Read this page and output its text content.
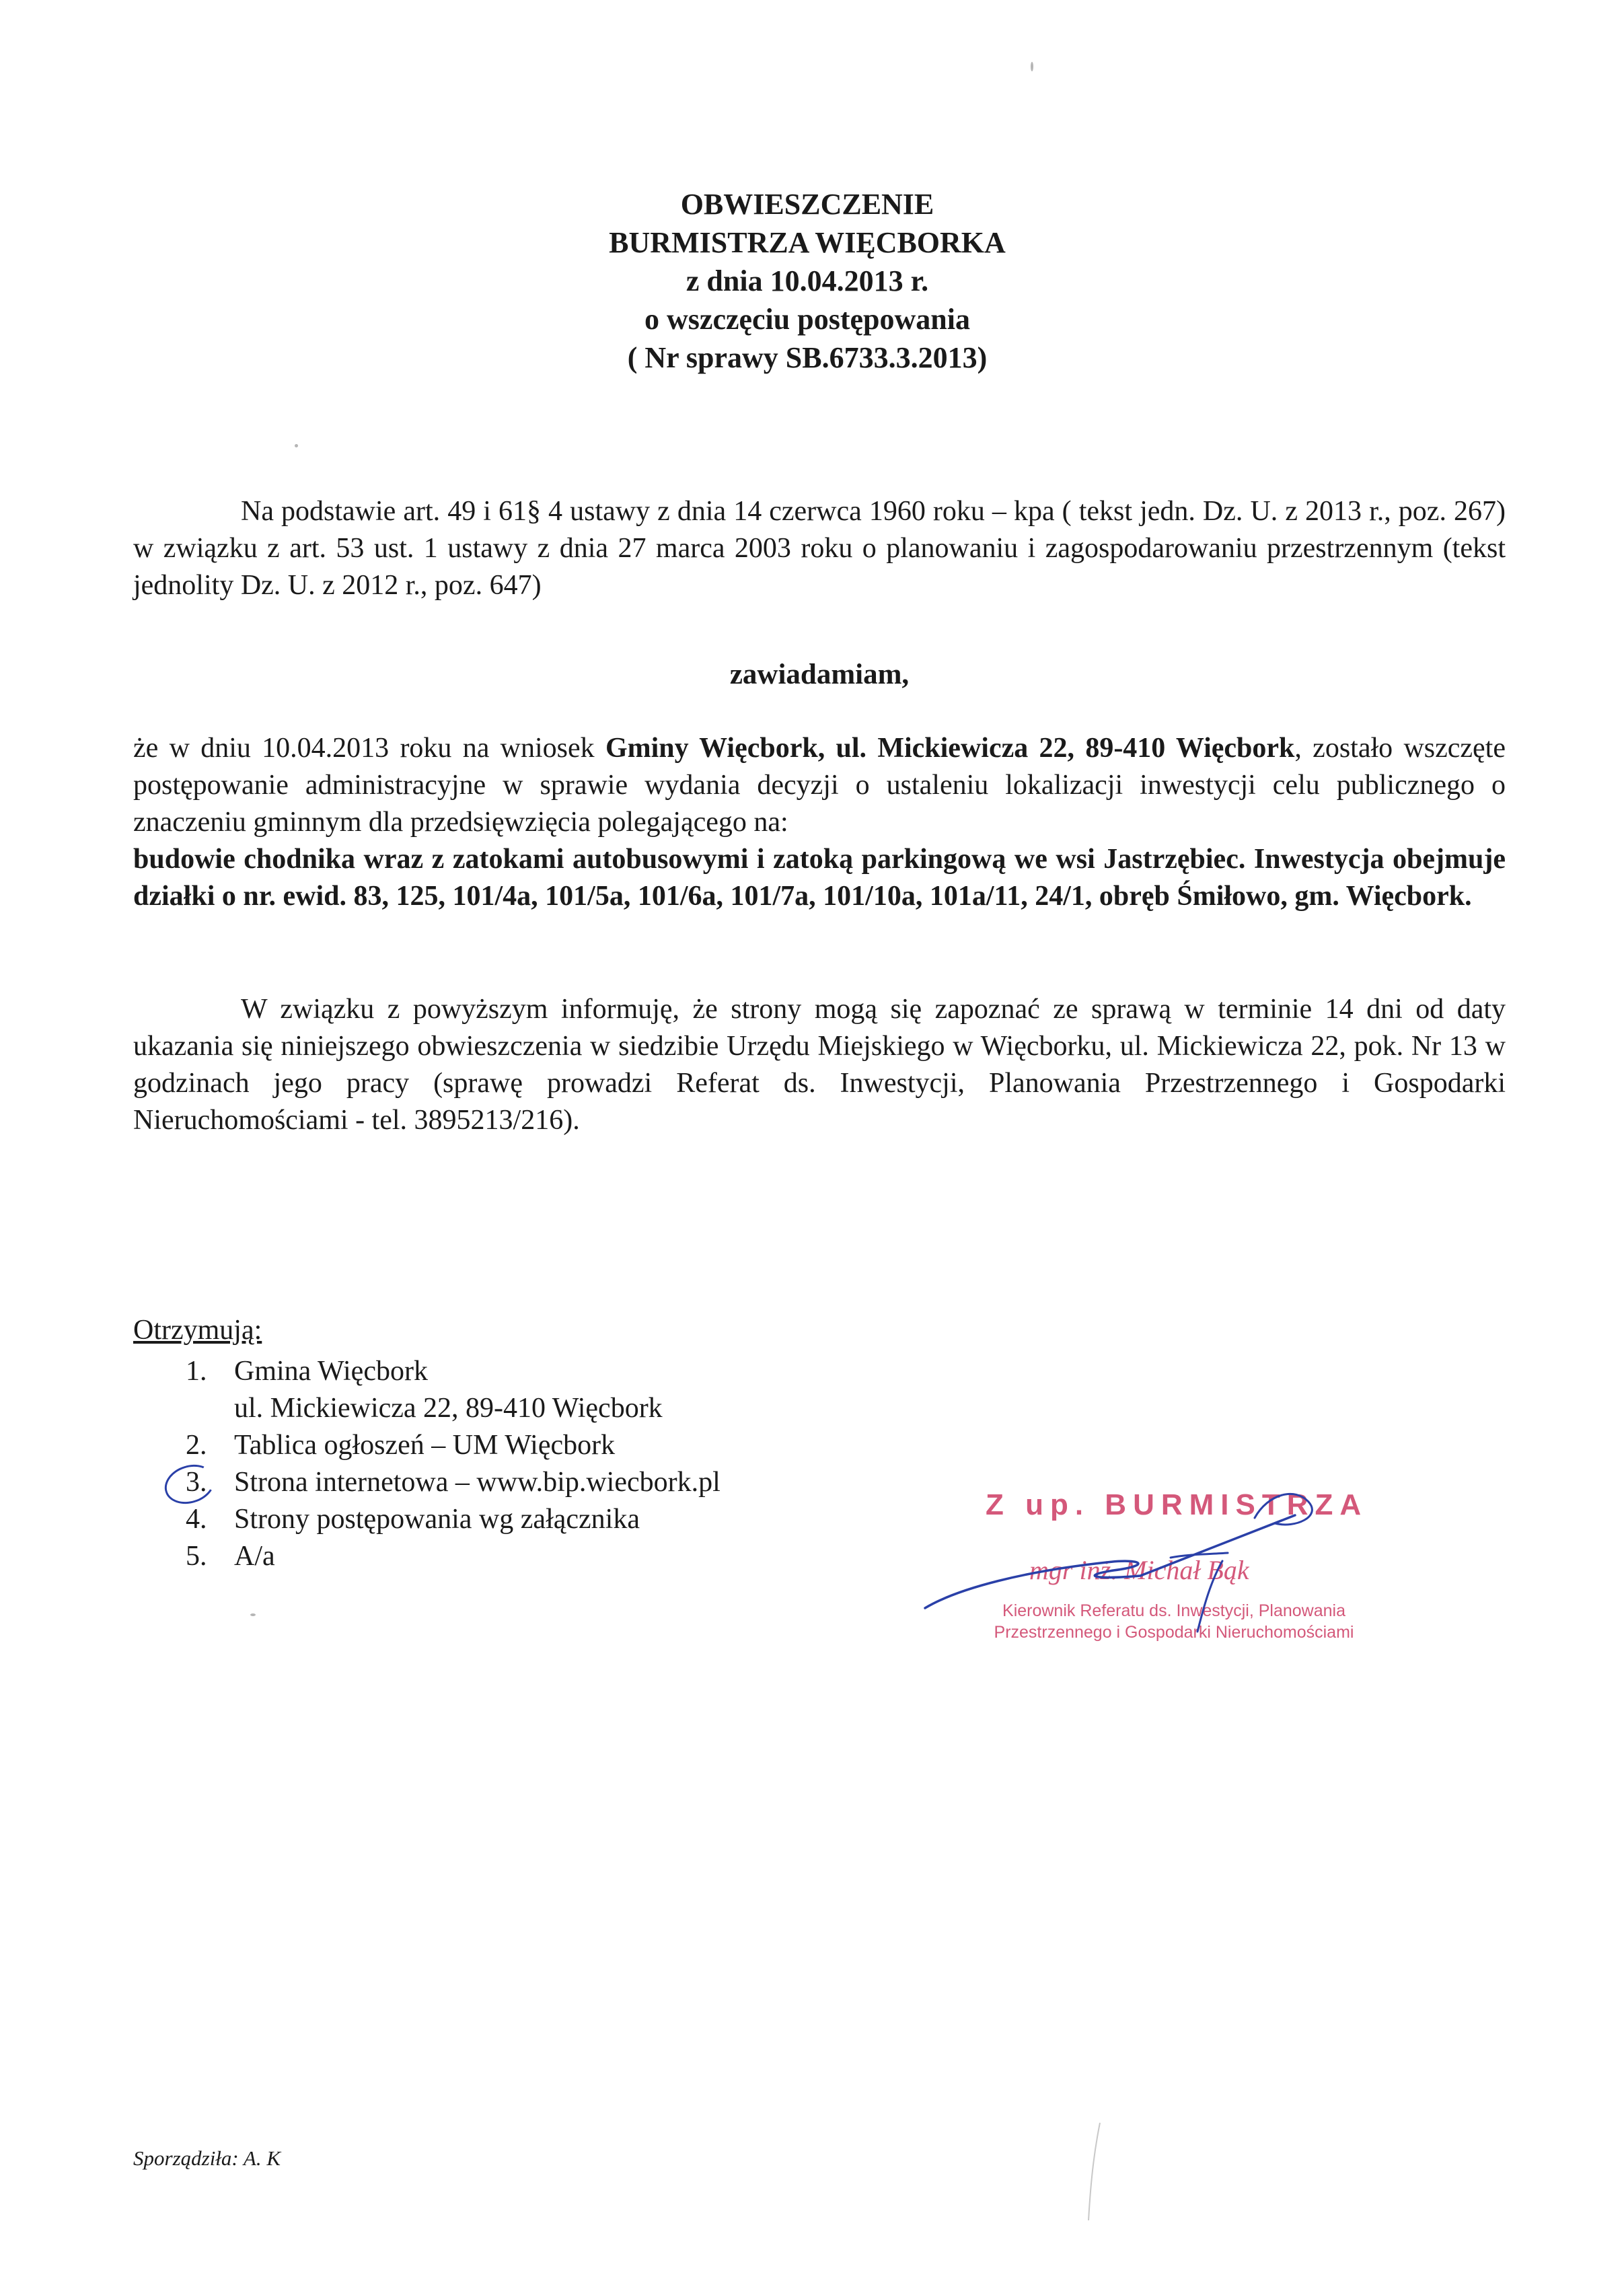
OBWIESZCZENIE
BURMISTRZA WIĘCBORKA
z dnia 10.04.2013 r.
o wszczęciu postępowania
( Nr sprawy SB.6733.3.2013)

Na podstawie art. 49 i 61§ 4 ustawy z dnia 14 czerwca 1960 roku – kpa ( tekst jedn. Dz. U. z 2013 r., poz. 267) w związku z art. 53 ust. 1 ustawy z dnia 27 marca 2003 roku o planowaniu i zagospodarowaniu przestrzennym (tekst jednolity Dz. U. z 2012 r., poz. 647)

zawiadamiam,

że w dniu 10.04.2013 roku na wniosek Gminy Więcbork, ul. Mickiewicza 22, 89-410 Więcbork, zostało wszczęte postępowanie administracyjne w sprawie wydania decyzji o ustaleniu lokalizacji inwestycji celu publicznego o znaczeniu gminnym dla przedsięwzięcia polegającego na:

budowie chodnika wraz z zatokami autobusowymi i zatoką parkingową we wsi Jastrzębiec. Inwestycja obejmuje działki o nr. ewid. 83, 125, 101/4a, 101/5a, 101/6a, 101/7a, 101/10a, 101a/11, 24/1, obręb Śmiłowo, gm. Więcbork.

W związku z powyższym informuję, że strony mogą się zapoznać ze sprawą w terminie 14 dni od daty ukazania się niniejszego obwieszczenia w siedzibie Urzędu Miejskiego w Więcborku, ul. Mickiewicza 22, pok. Nr 13 w godzinach jego pracy (sprawę prowadzi Referat ds. Inwestycji, Planowania Przestrzennego i Gospodarki Nieruchomościami - tel. 3895213/216).

Otrzymują:
1. Gmina Więcbork
ul. Mickiewicza 22, 89-410 Więcbork
2. Tablica ogłoszeń – UM Więcbork
3. Strona internetowa – www.bip.wiecbork.pl
4. Strony postępowania wg załącznika
5. A/a
Z up. BURMISTRZA
mgr inż. Michał Bąk
Kierownik Referatu ds. Inwestycji, Planowania
Przestrzennego i Gospodarki Nieruchomościami
Sporządziła: A. K
